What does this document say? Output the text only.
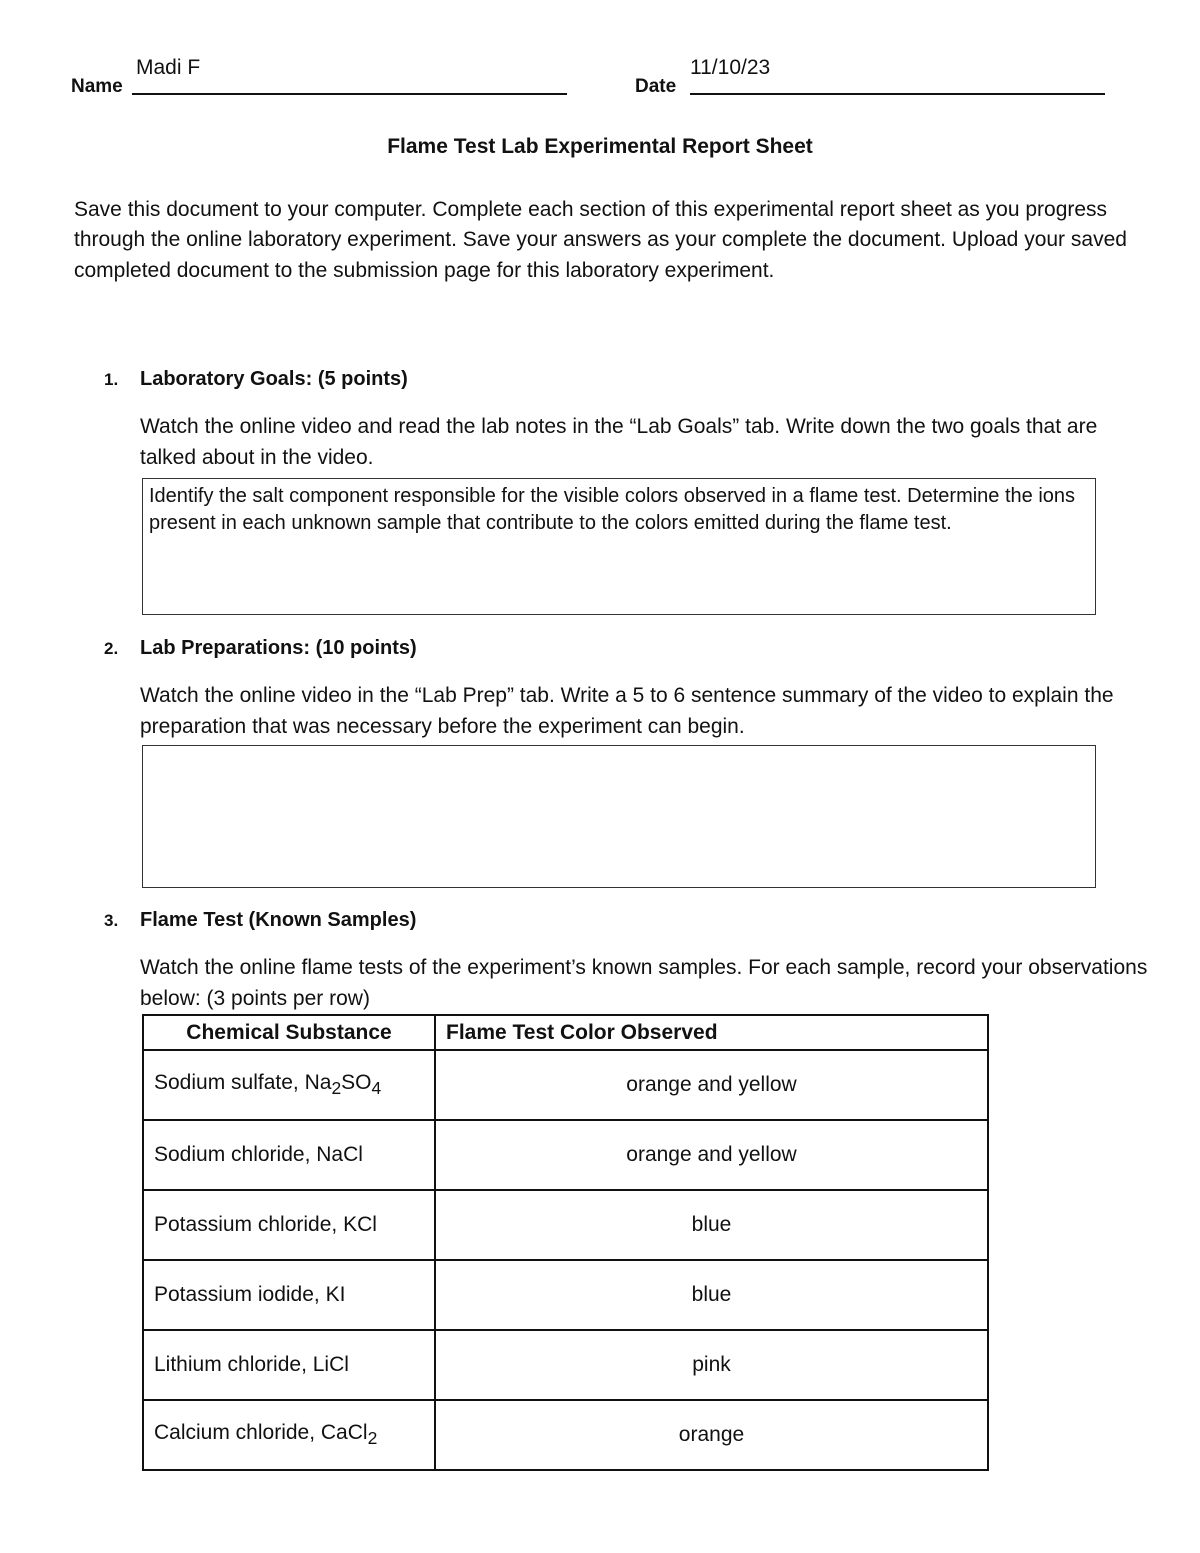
Name
Madi F
Date
11/10/23
Flame Test Lab Experimental Report Sheet
Save this document to your computer. Complete each section of this experimental report sheet as you progress through the online laboratory experiment. Save your answers as your complete the document. Upload your saved completed document to the submission page for this laboratory experiment.
1. Laboratory Goals: (5 points)
Watch the online video and read the lab notes in the “Lab Goals” tab. Write down the two goals that are talked about in the video.
Identify the salt component responsible for the visible colors observed in a flame test. Determine the ions present in each unknown sample that contribute to the colors emitted during the flame test.
2. Lab Preparations: (10 points)
Watch the online video in the “Lab Prep” tab. Write a 5 to 6 sentence summary of the video to explain the preparation that was necessary before the experiment can begin.
3. Flame Test (Known Samples)
Watch the online flame tests of the experiment’s known samples. For each sample, record your observations below: (3 points per row)
Chemical Substance	Flame Test Color Observed
Sodium sulfate, $Na_2SO_4$	orange and yellow
Sodium chloride, NaCl	orange and yellow
Potassium chloride, KCl	blue
Potassium iodide, KI	blue
Lithium chloride, LiCl	pink
Calcium chloride, CaCl$_2$	orange
